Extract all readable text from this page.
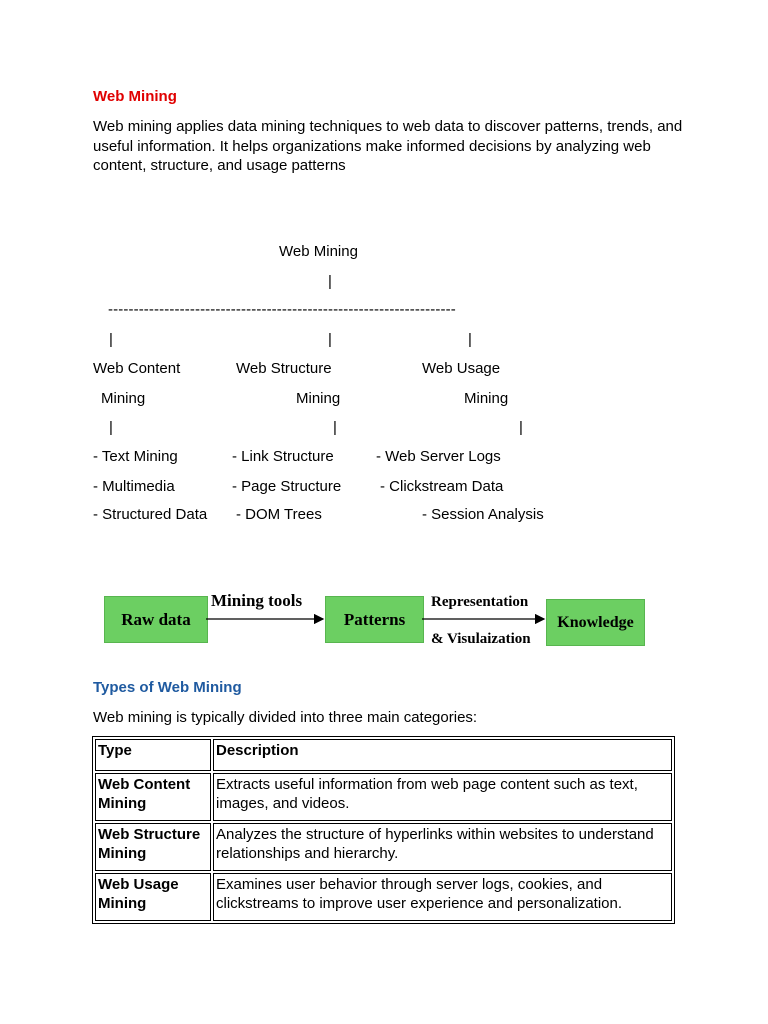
Web Mining
Web mining applies data mining techniques to web data to discover patterns, trends, and useful information. It helps organizations make informed decisions by analyzing web content, structure, and usage patterns
Web Mining
|
--------------------------------------------------------------------
|	|	|
Web Content	Web Structure	Web Usage
Mining	Mining	Mining
|	|	|
- Text Mining	- Link Structure	- Web Server Logs
- Multimedia	- Page Structure	- Clickstream Data
- Structured Data - DOM Trees	- Session Analysis
Raw data	Patterns	Knowledge
Mining tools	Representation
& Visulaization
Types of Web Mining
Web mining is typically divided into three main categories:
Type	Description
Web Content Mining	Extracts useful information from web page content such as text, images, and videos.
Web Structure Mining	Analyzes the structure of hyperlinks within websites to understand relationships and hierarchy.
Web Usage Mining	Examines user behavior through server logs, cookies, and clickstreams to improve user experience and personalization.
